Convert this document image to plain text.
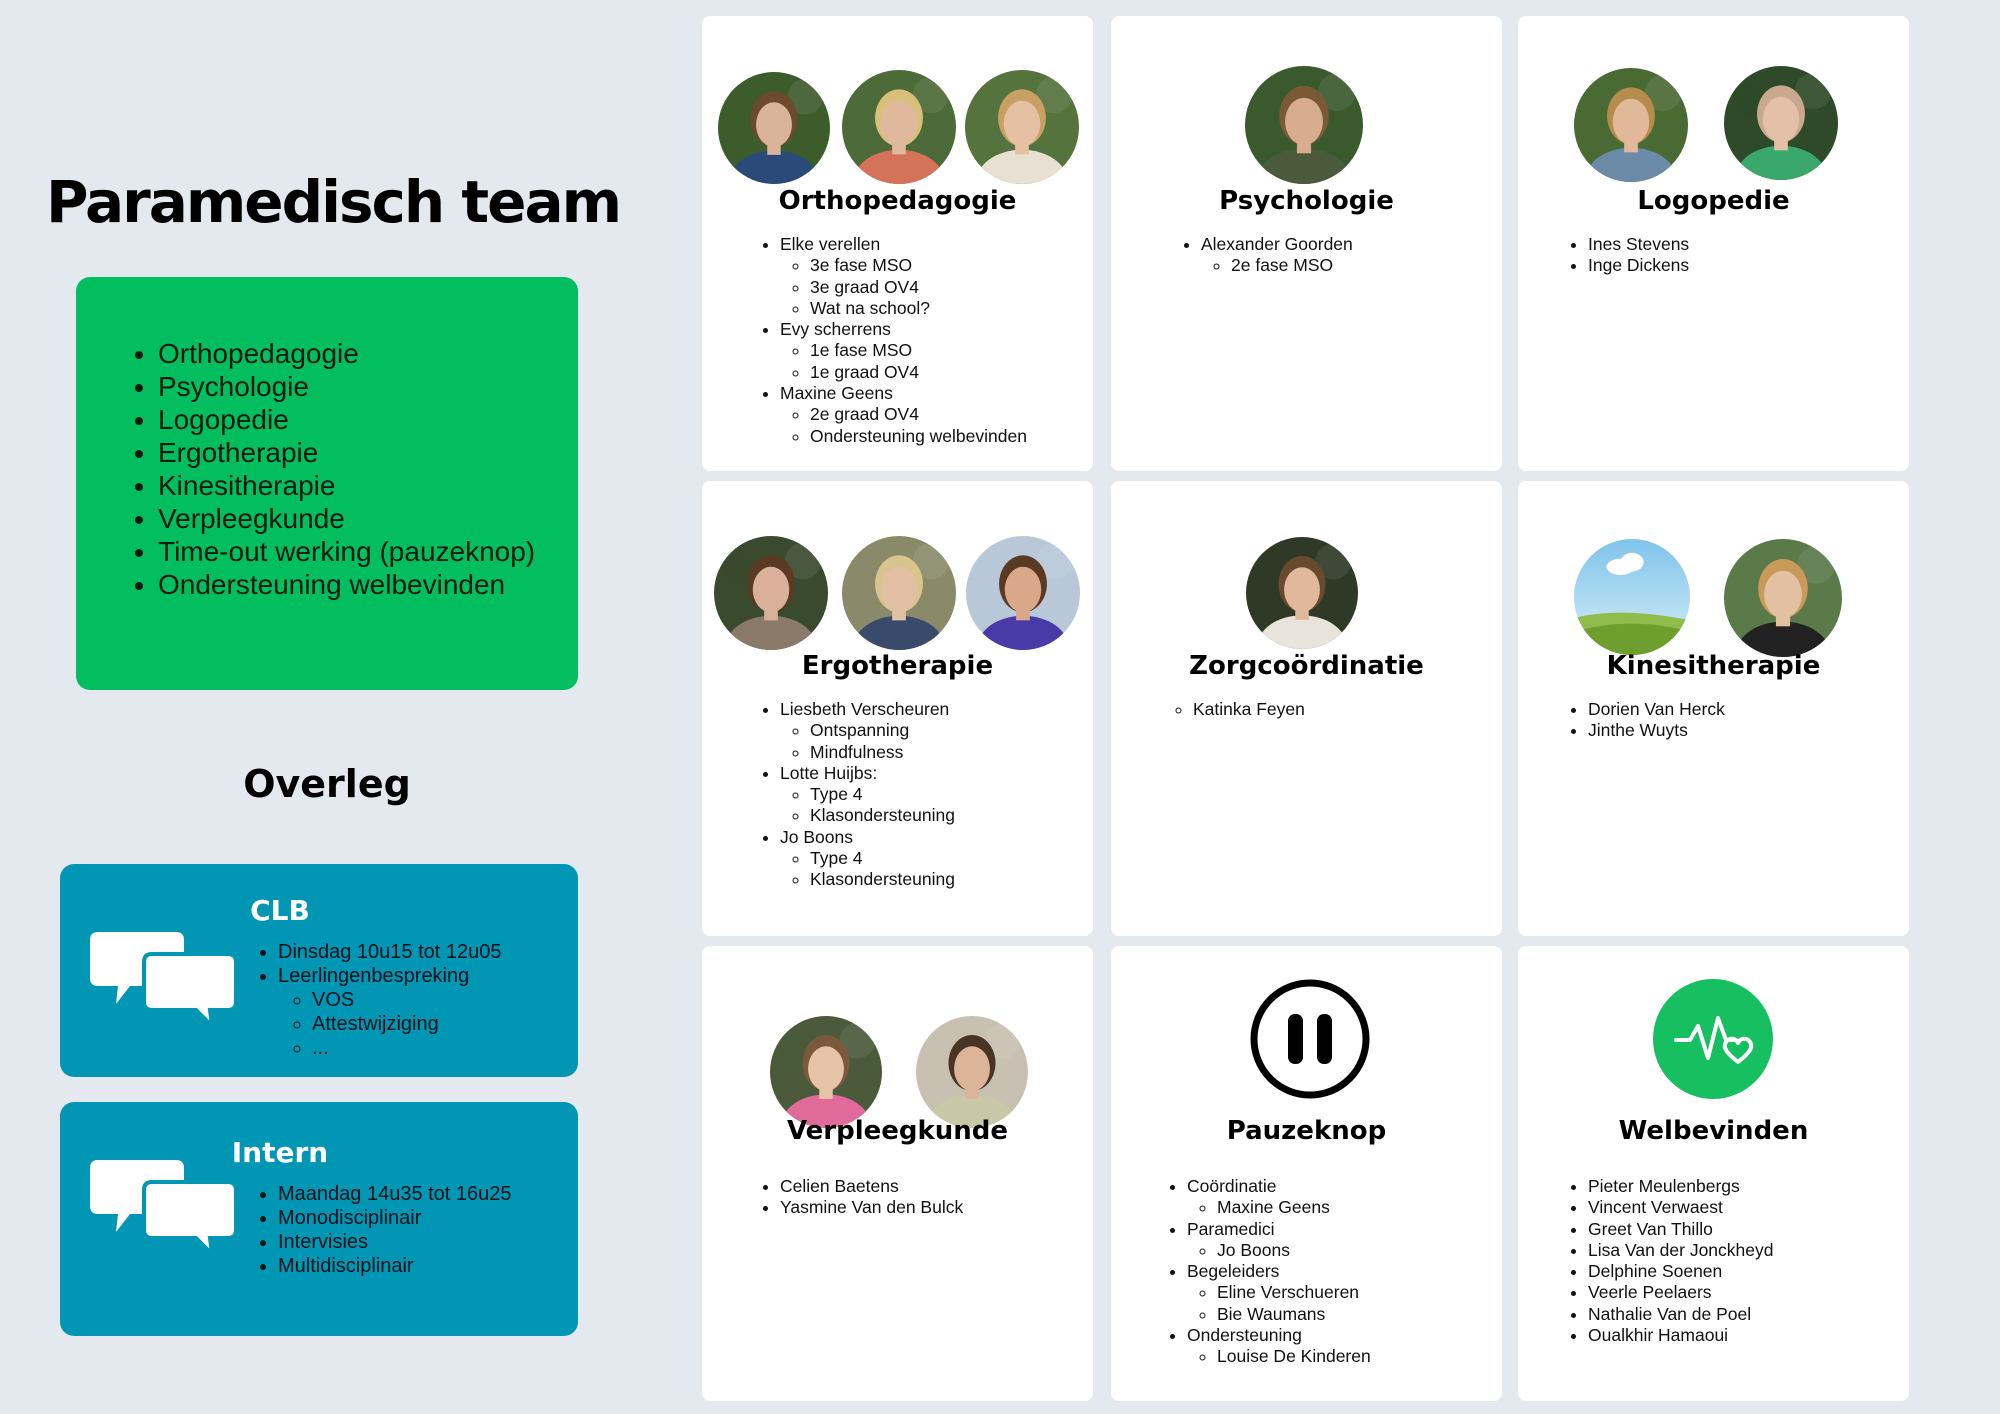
Paramedisch team
• Orthopedagogie
• Psychologie
• Logopedie
• Ergotherapie
• Kinesitherapie
• Verpleegkunde
• Time-out werking (pauzeknop)
• Ondersteuning welbevinden
Overleg
CLB
• Dinsdag 10u15 tot 12u05
• Leerlingenbespreking
◦ VOS
◦ Attestwijziging
◦ ...
Intern
• Maandag 14u35 tot 16u25
• Monodisciplinair
• Intervisies
• Multidisciplinair
Orthopedagogie
• Elke verellen
◦ 3e fase MSO
◦ 3e graad OV4
◦ Wat na school?
• Evy scherrens
◦ 1e fase MSO
◦ 1e graad OV4
• Maxine Geens
◦ 2e graad OV4
◦ Ondersteuning welbevinden
Psychologie
• Alexander Goorden
◦ 2e fase MSO
Logopedie
• Ines Stevens
• Inge Dickens
Ergotherapie
• Liesbeth Verscheuren
◦ Ontspanning
◦ Mindfulness
• Lotte Huijbs:
◦ Type 4
◦ Klasondersteuning
• Jo Boons
◦ Type 4
◦ Klasondersteuning
Zorgcoördinatie
◦ Katinka Feyen
Kinesitherapie
• Dorien Van Herck
• Jinthe Wuyts
Verpleegkunde
• Celien Baetens
• Yasmine Van den Bulck
Pauzeknop
• Coördinatie
◦ Maxine Geens
• Paramedici
◦ Jo Boons
• Begeleiders
◦ Eline Verschueren
◦ Bie Waumans
• Ondersteuning
◦ Louise De Kinderen
Welbevinden
• Pieter Meulenbergs
• Vincent Verwaest
• Greet Van Thillo
• Lisa Van der Jonckheyd
• Delphine Soenen
• Veerle Peelaers
• Nathalie Van de Poel
• Oualkhir Hamaoui
